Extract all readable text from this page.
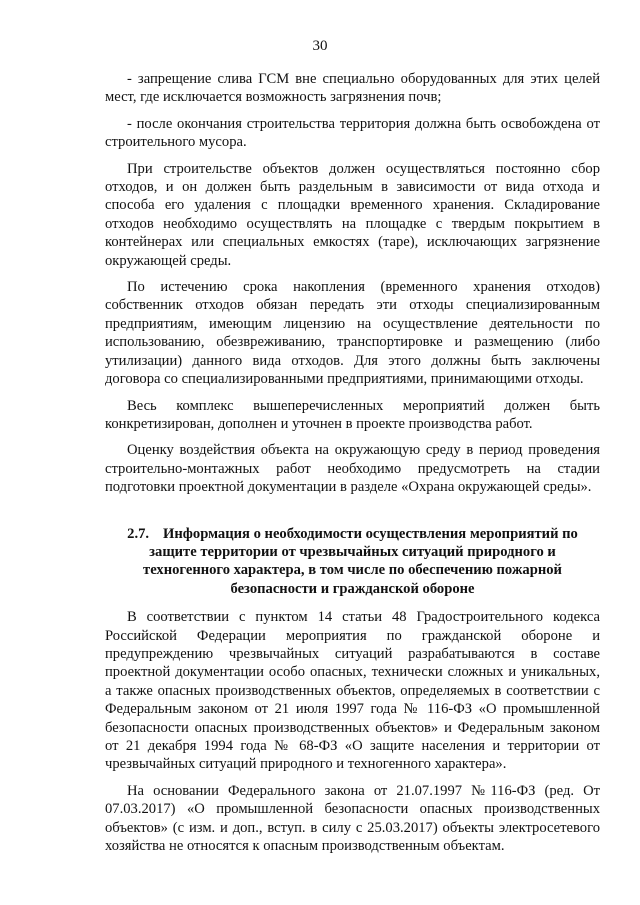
30

- запрещение слива ГСМ вне специально оборудованных для этих целей мест, где исключается возможность загрязнения почв;

- после окончания строительства территория должна быть освобождена от строительного мусора.

При строительстве объектов должен осуществляться постоянно сбор отходов, и он должен быть раздельным в зависимости от вида отхода и способа его удаления с площадки временного хранения. Складирование отходов необходимо осуществлять на площадке с твердым покрытием в контейнерах или специальных емкостях (таре), исключающих загрязнение окружающей среды.

По истечению срока накопления (временного хранения отходов) собственник отходов обязан передать эти отходы специализированным предприятиям, имеющим лицензию на осуществление деятельности по использованию, обезвреживанию, транспортировке и размещению (либо утилизации) данного вида отходов. Для этого должны быть заключены договора со специализированными предприятиями, принимающими отходы.

Весь комплекс вышеперечисленных мероприятий должен быть конкретизирован, дополнен и уточнен в проекте производства работ.

Оценку воздействия объекта на окружающую среду в период проведения строительно-монтажных работ необходимо предусмотреть на стадии подготовки проектной документации в разделе «Охрана окружающей среды».

2.7. Информация о необходимости осуществления мероприятий по защите территории от чрезвычайных ситуаций природного и техногенного характера, в том числе по обеспечению пожарной безопасности и гражданской обороне

В соответствии с пунктом 14 статьи 48 Градостроительного кодекса Российской Федерации мероприятия по гражданской обороне и предупреждению чрезвычайных ситуаций разрабатываются в составе проектной документации особо опасных, технически сложных и уникальных, а также опасных производственных объектов, определяемых в соответствии с Федеральным законом от 21 июля 1997 года № 116-ФЗ «О промышленной безопасности опасных производственных объектов» и Федеральным законом от 21 декабря 1994 года № 68-ФЗ «О защите населения и территории от чрезвычайных ситуаций природного и техногенного характера».

На основании Федерального закона от 21.07.1997 №116-ФЗ (ред. От 07.03.2017) «О промышленной безопасности опасных производственных объектов» (с изм. и доп., вступ. в силу с 25.03.2017) объекты электросетевого хозяйства не относятся к опасным производственным объектам.
